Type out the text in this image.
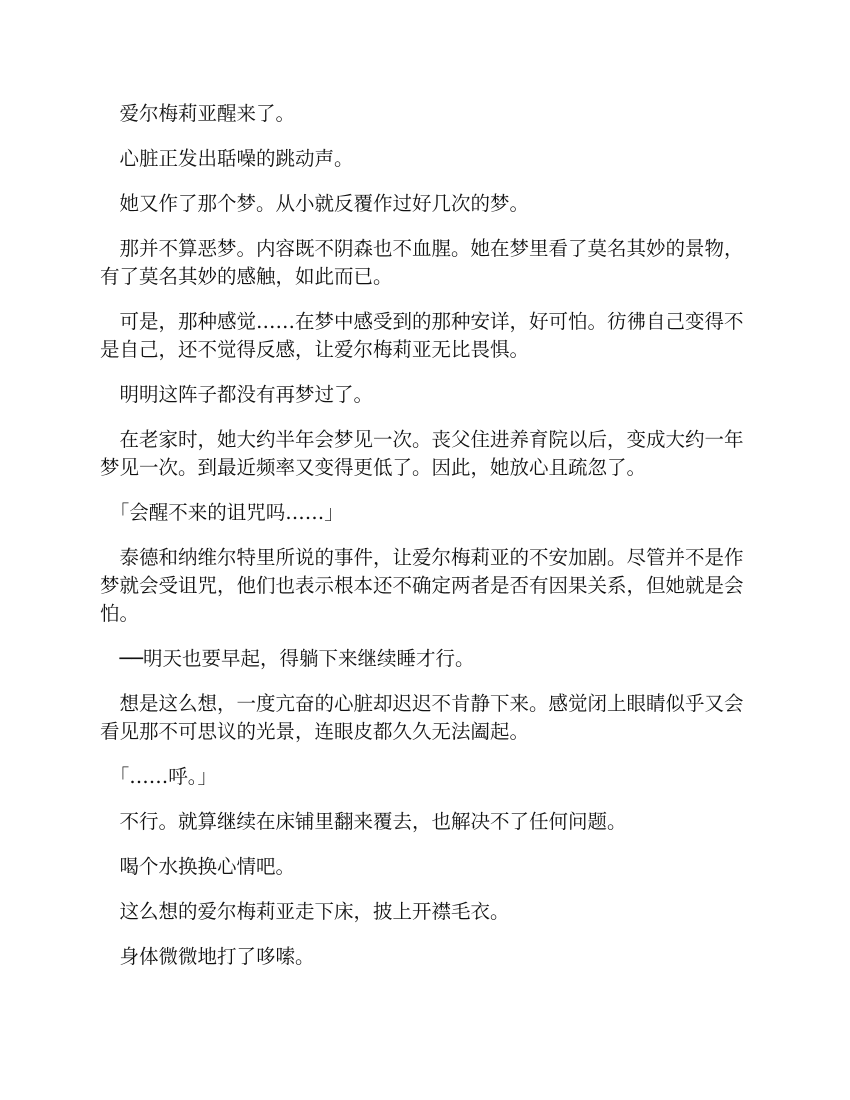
　爱尔梅莉亚醒来了。

　心脏正发出聒噪的跳动声。

　她又作了那个梦。从小就反覆作过好几次的梦。

　那并不算恶梦。内容既不阴森也不血腥。她在梦里看了莫名其妙的景物，有了莫名其妙的感触，如此而已。

　可是，那种感觉……在梦中感受到的那种安详，好可怕。彷彿自己变得不是自己，还不觉得反感，让爱尔梅莉亚无比畏惧。

　明明这阵子都没有再梦过了。

　在老家时，她大约半年会梦见一次。丧父住进养育院以后，变成大约一年梦见一次。到最近频率又变得更低了。因此，她放心且疏忽了。

　「会醒不来的诅咒吗……」

　泰德和纳维尔特里所说的事件，让爱尔梅莉亚的不安加剧。尽管并不是作梦就会受诅咒，他们也表示根本还不确定两者是否有因果关系，但她就是会怕。

　──明天也要早起，得躺下来继续睡才行。

　想是这么想，一度亢奋的心脏却迟迟不肯静下来。感觉闭上眼睛似乎又会看见那不可思议的光景，连眼皮都久久无法阖起。

　「……呼。」

　不行。就算继续在床铺里翻来覆去，也解决不了任何问题。

　喝个水换换心情吧。

　这么想的爱尔梅莉亚走下床，披上开襟毛衣。

　身体微微地打了哆嗦。
